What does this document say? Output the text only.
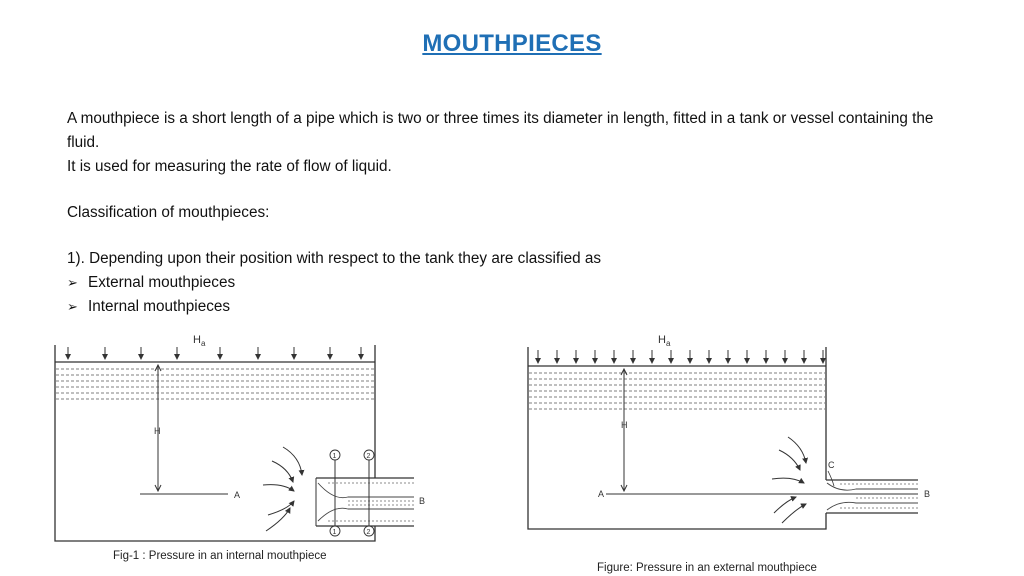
MOUTHPIECES

A mouthpiece is a short length of a pipe which is two or three times its diameter in length, fitted in a tank or vessel containing the fluid.

It is used for measuring the rate of flow of liquid.

Classification of mouthpieces:

1). Depending upon their position with respect to the tank they are classified as

➢ External mouthpieces
➢ Internal mouthpieces
$H_a$
H
A
1
1
2
2
B
Fig-1 : Pressure in an internal mouthpiece
$H_a$
H
A	B
C
Figure: Pressure in an external mouthpiece
